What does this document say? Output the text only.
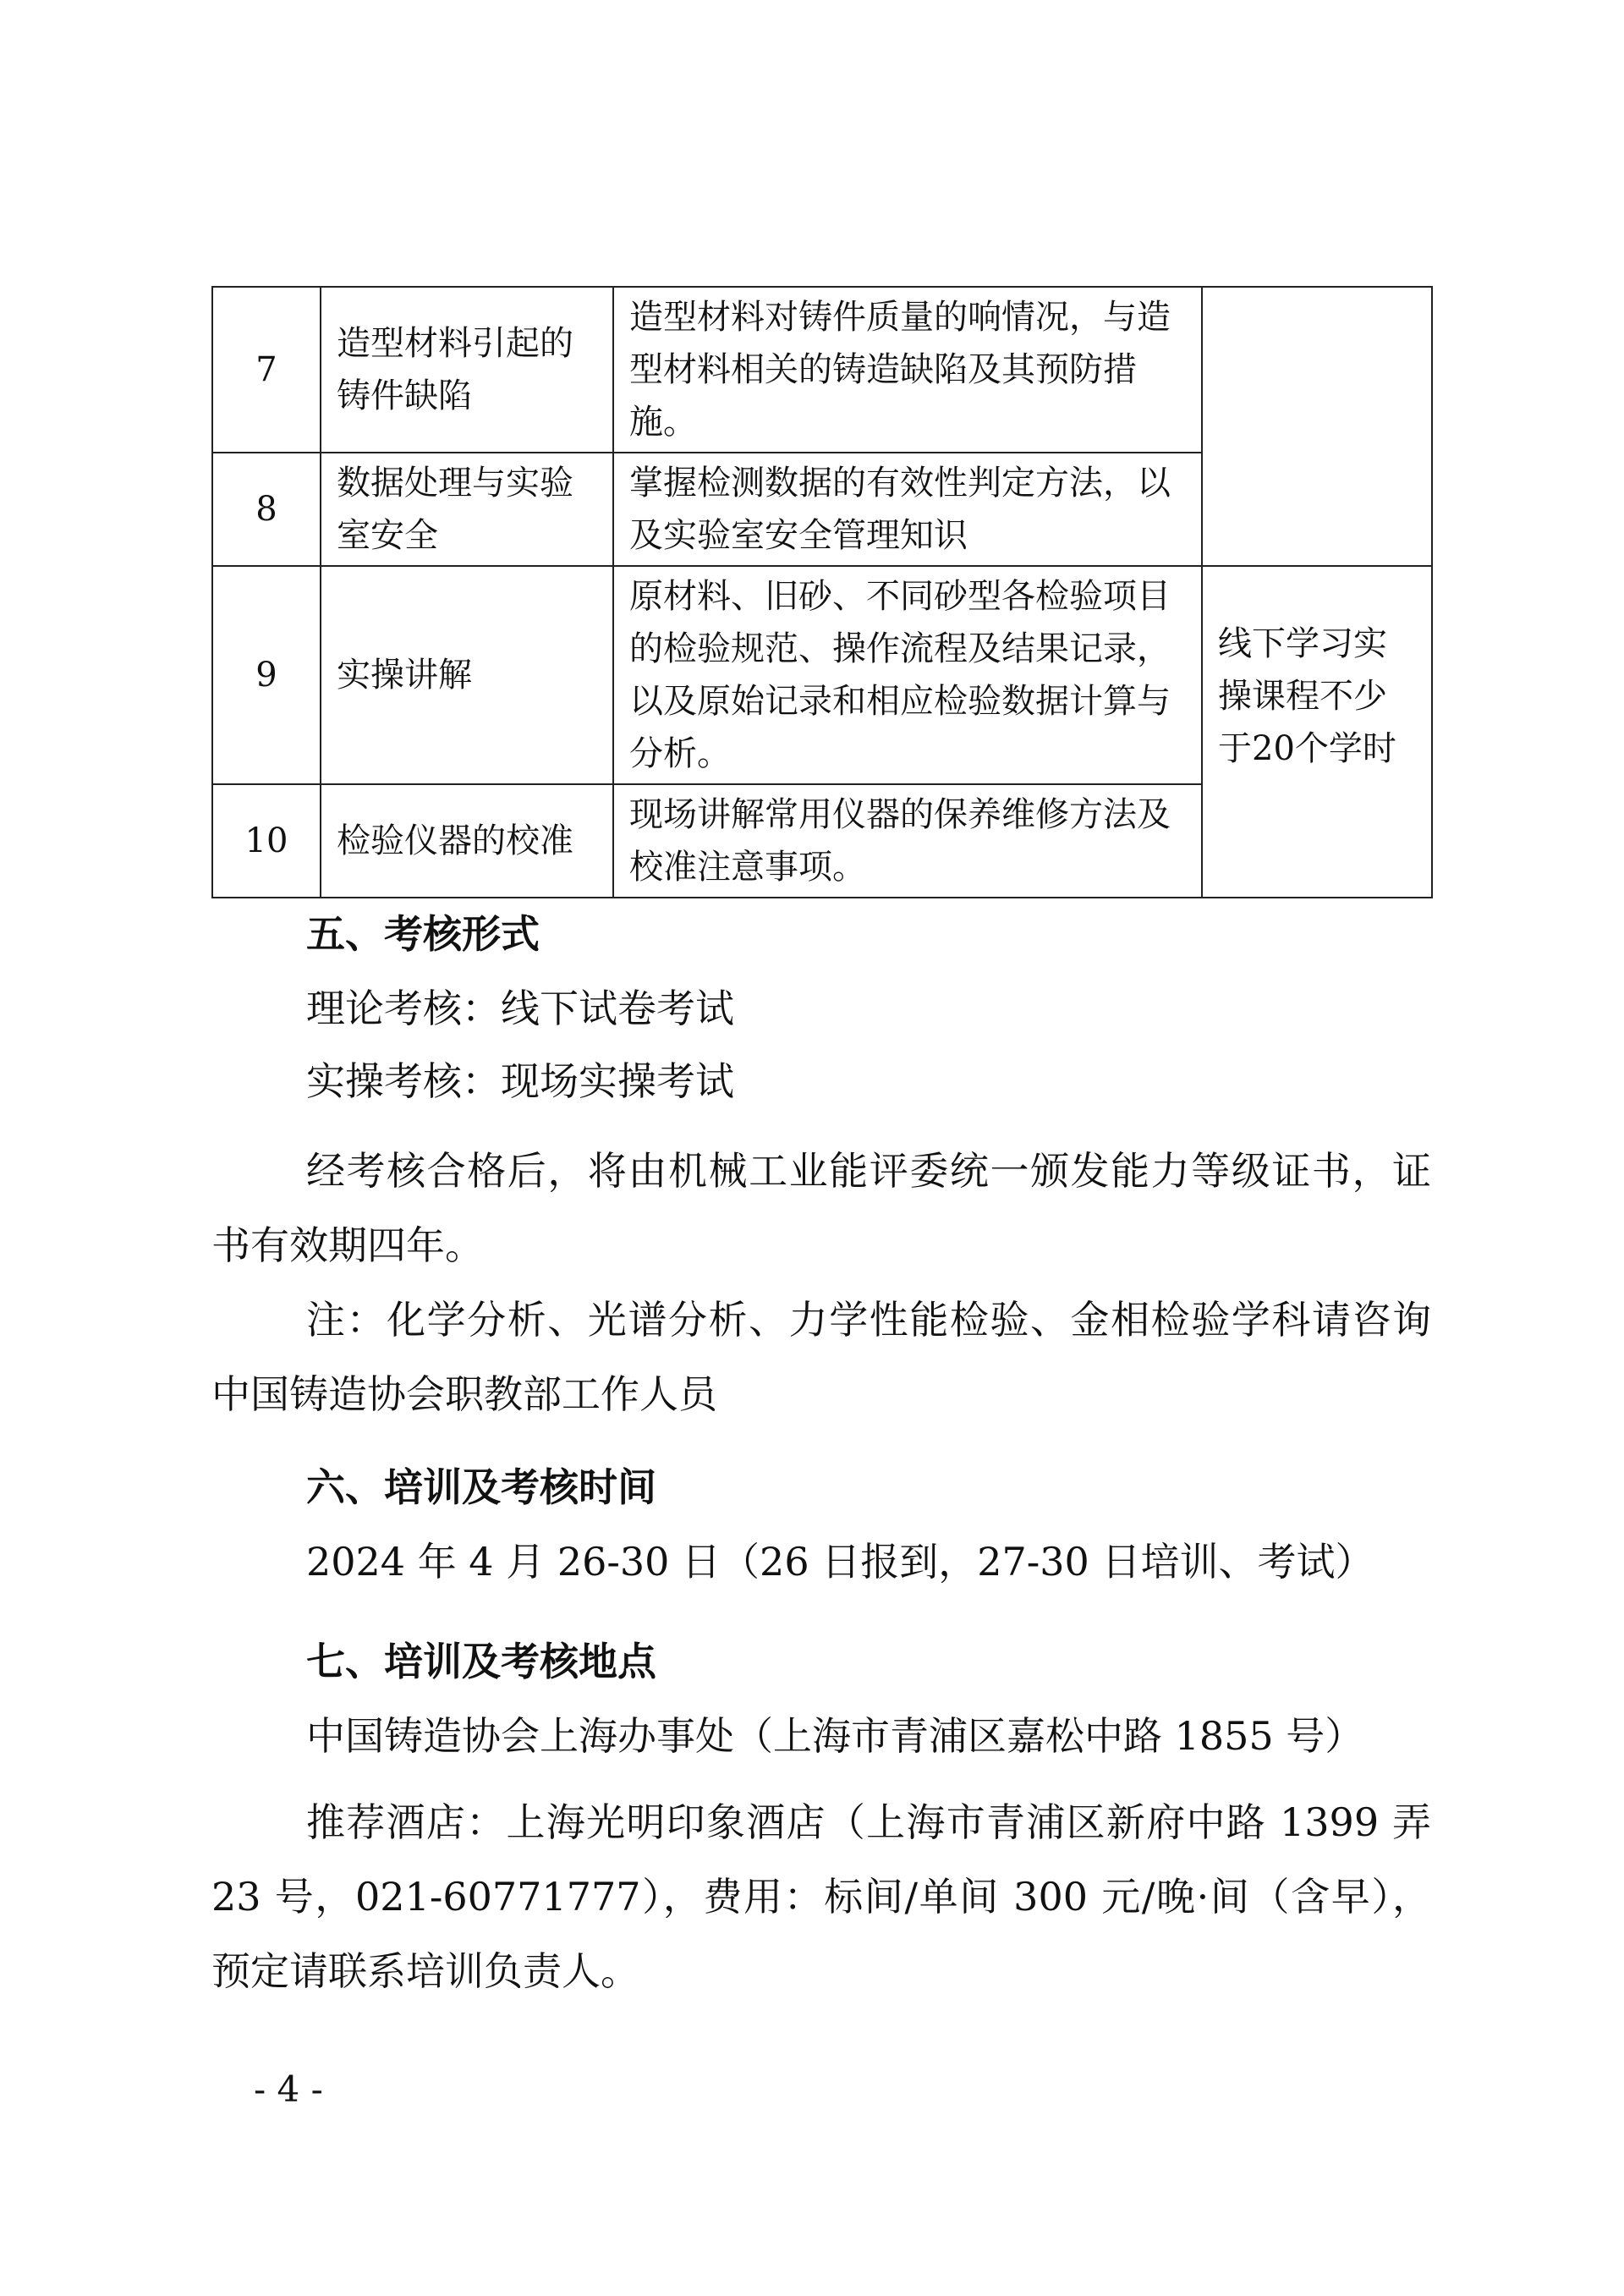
7	造型材料引起的铸件缺陷	造型材料对铸件质量的响情况，与造型材料相关的铸造缺陷及其预防措施。	
8	数据处理与实验室安全	掌握检测数据的有效性判定方法，以及实验室安全管理知识	
9	实操讲解	原材料、旧砂、不同砂型各检验项目的检验规范、操作流程及结果记录，以及原始记录和相应检验数据计算与分析。	线下学习实操课程不少于20个学时
10	检验仪器的校准	现场讲解常用仪器的保养维修方法及校准注意事项。	

五、考核形式

理论考核：线下试卷考试

实操考核：现场实操考试

经考核合格后，将由机械工业能评委统一颁发能力等级证书，证书有效期四年。

注：化学分析、光谱分析、力学性能检验、金相检验学科请咨询中国铸造协会职教部工作人员

六、培训及考核时间

2024 年 4 月 26-30 日（26 日报到，27-30 日培训、考试）

七、培训及考核地点

中国铸造协会上海办事处（上海市青浦区嘉松中路 1855 号）

推荐酒店：上海光明印象酒店（上海市青浦区新府中路 1399 弄 23 号，021-60771777），费用：标间/单间 300 元/晚·间（含早），预定请联系培训负责人。

- 4 -
